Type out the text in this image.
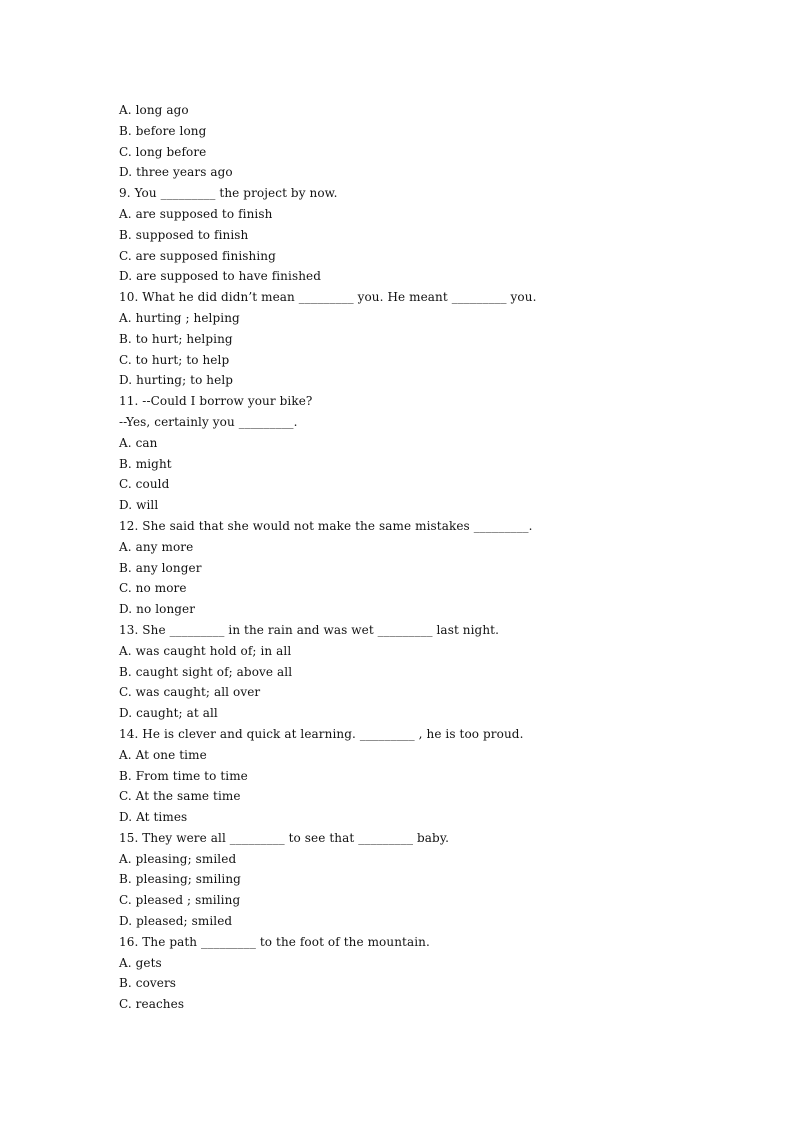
A. long ago
B. before long
C. long before
D. three years ago
9. You _________ the project by now.
A. are supposed to finish
B. supposed to finish
C. are supposed finishing
D. are supposed to have finished
10. What he did didn’t mean _________ you. He meant _________ you.
A. hurting ; helping
B. to hurt; helping
C. to hurt; to help
D. hurting; to help
11. --Could I borrow your bike?
--Yes, certainly you _________.
A. can
B. might
C. could
D. will
12. She said that she would not make the same mistakes _________.
A. any more
B. any longer
C. no more
D. no longer
13. She _________ in the rain and was wet _________ last night.
A. was caught hold of; in all
B. caught sight of; above all
C. was caught; all over
D. caught; at all
14. He is clever and quick at learning. _________ , he is too proud.
A. At one time
B. From time to time
C. At the same time
D. At times
15. They were all _________ to see that _________ baby.
A. pleasing; smiled
B. pleasing; smiling
C. pleased ; smiling
D. pleased; smiled
16. The path _________ to the foot of the mountain.
A. gets
B. covers
C. reaches
